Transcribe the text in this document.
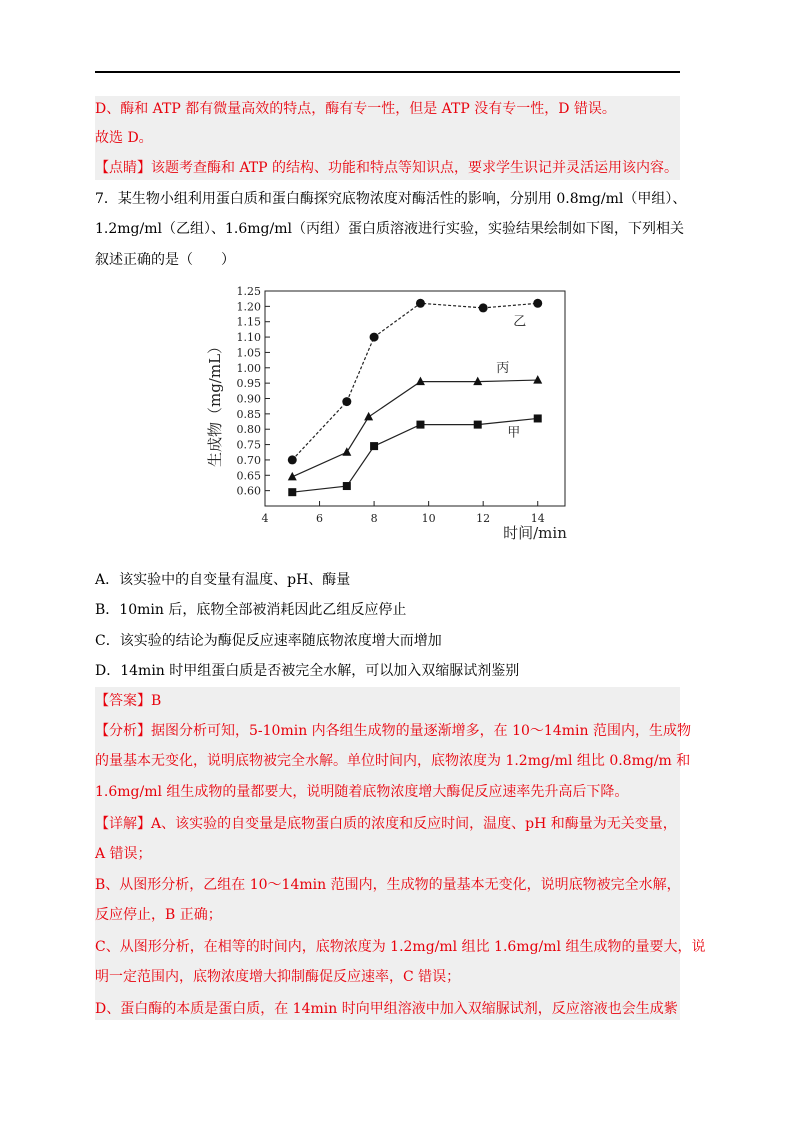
D、酶和 ATP 都有微量高效的特点，酶有专一性，但是 ATP 没有专一性，D 错误。
故选 D。
【点睛】该题考查酶和 ATP 的结构、功能和特点等知识点，要求学生识记并灵活运用该内容。
7．某生物小组利用蛋白质和蛋白酶探究底物浓度对酶活性的影响，分别用 0.8mg/ml（甲组）、
1.2mg/ml（乙组）、1.6mg/ml（丙组）蛋白质溶液进行实验，实验结果绘制如下图，下列相关
叙述正确的是（　　）
0.60
0.65
0.70
0.75
0.80
0.85
0.90
0.95
1.00
1.05
1.10
1.15
1.20
1.25
4	6	8	10	12	14
乙
丙
甲
生成物（mg/mL）
时间/min
A．该实验中的自变量有温度、pH、酶量
B．10min 后，底物全部被消耗因此乙组反应停止
C．该实验的结论为酶促反应速率随底物浓度增大而增加
D．14min 时甲组蛋白质是否被完全水解，可以加入双缩脲试剂鉴别
【答案】B
【分析】据图分析可知，5-10min 内各组生成物的量逐渐增多，在 10～14min 范围内，生成物
的量基本无变化，说明底物被完全水解。单位时间内，底物浓度为 1.2mg/ml 组比 0.8mg/m 和
1.6mg/ml 组生成物的量都要大，说明随着底物浓度增大酶促反应速率先升高后下降。
【详解】A、该实验的自变量是底物蛋白质的浓度和反应时间，温度、pH 和酶量为无关变量，
A 错误；
B、从图形分析，乙组在 10～14min 范围内，生成物的量基本无变化，说明底物被完全水解，
反应停止，B 正确；
C、从图形分析，在相等的时间内，底物浓度为 1.2mg/ml 组比 1.6mg/ml 组生成物的量要大，说
明一定范围内，底物浓度增大抑制酶促反应速率，C 错误；
D、蛋白酶的本质是蛋白质，在 14min 时向甲组溶液中加入双缩脲试剂，反应溶液也会生成紫
